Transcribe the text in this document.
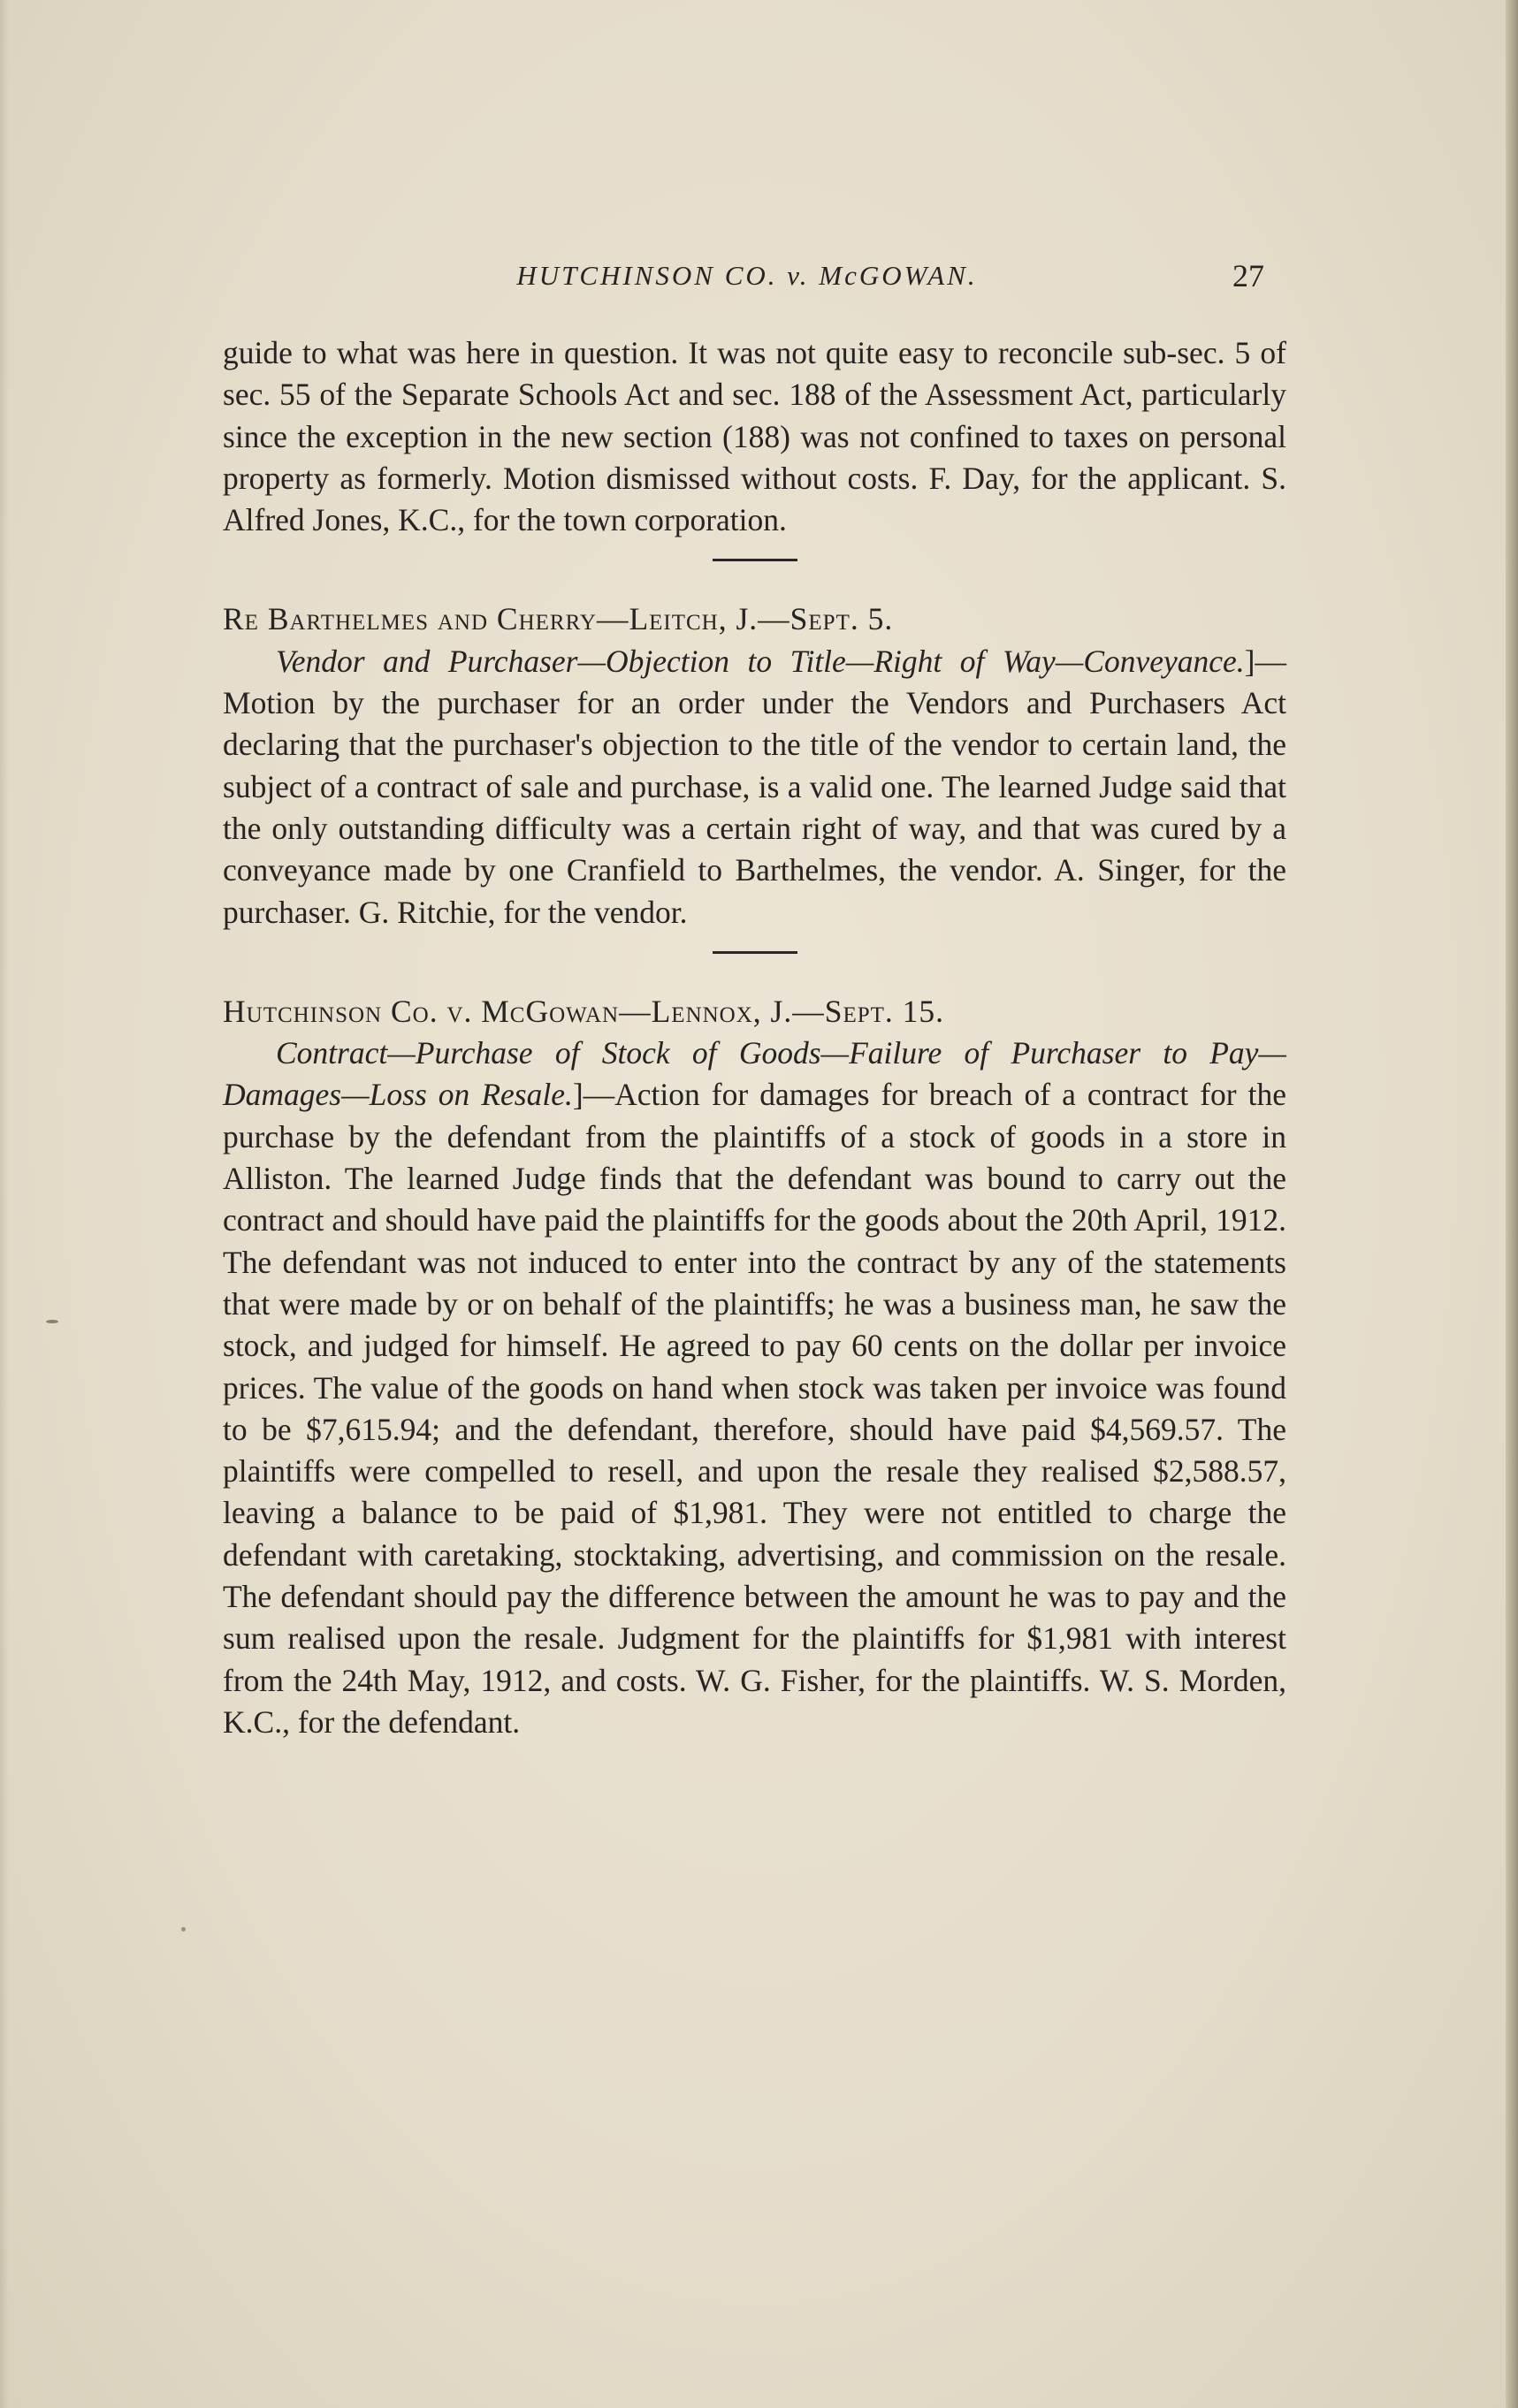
HUTCHINSON CO. v. McGOWAN.	27

guide to what was here in question. It was not quite easy to reconcile sub-sec. 5 of sec. 55 of the Separate Schools Act and sec. 188 of the Assessment Act, particularly since the exception in the new section (188) was not confined to taxes on personal property as formerly. Motion dismissed without costs. F. Day, for the applicant. S. Alfred Jones, K.C., for the town corporation.

Re Barthelmes and Cherry—Leitch, J.—Sept. 5.

Vendor and Purchaser—Objection to Title—Right of Way—Conveyance.]—Motion by the purchaser for an order under the Vendors and Purchasers Act declaring that the purchaser's objection to the title of the vendor to certain land, the subject of a contract of sale and purchase, is a valid one. The learned Judge said that the only outstanding difficulty was a certain right of way, and that was cured by a conveyance made by one Cranfield to Barthelmes, the vendor. A. Singer, for the purchaser. G. Ritchie, for the vendor.

Hutchinson Co. v. McGowan—Lennox, J.—Sept. 15.

Contract—Purchase of Stock of Goods—Failure of Purchaser to Pay—Damages—Loss on Resale.]—Action for damages for breach of a contract for the purchase by the defendant from the plaintiffs of a stock of goods in a store in Alliston. The learned Judge finds that the defendant was bound to carry out the contract and should have paid the plaintiffs for the goods about the 20th April, 1912. The defendant was not induced to enter into the contract by any of the statements that were made by or on behalf of the plaintiffs; he was a business man, he saw the stock, and judged for himself. He agreed to pay 60 cents on the dollar per invoice prices. The value of the goods on hand when stock was taken per invoice was found to be $7,615.94; and the defendant, therefore, should have paid $4,569.57. The plaintiffs were compelled to resell, and upon the resale they realised $2,588.57, leaving a balance to be paid of $1,981. They were not entitled to charge the defendant with caretaking, stocktaking, advertising, and commission on the resale. The defendant should pay the difference between the amount he was to pay and the sum realised upon the resale. Judgment for the plaintiffs for $1,981 with interest from the 24th May, 1912, and costs. W. G. Fisher, for the plaintiffs. W. S. Morden, K.C., for the defendant.
